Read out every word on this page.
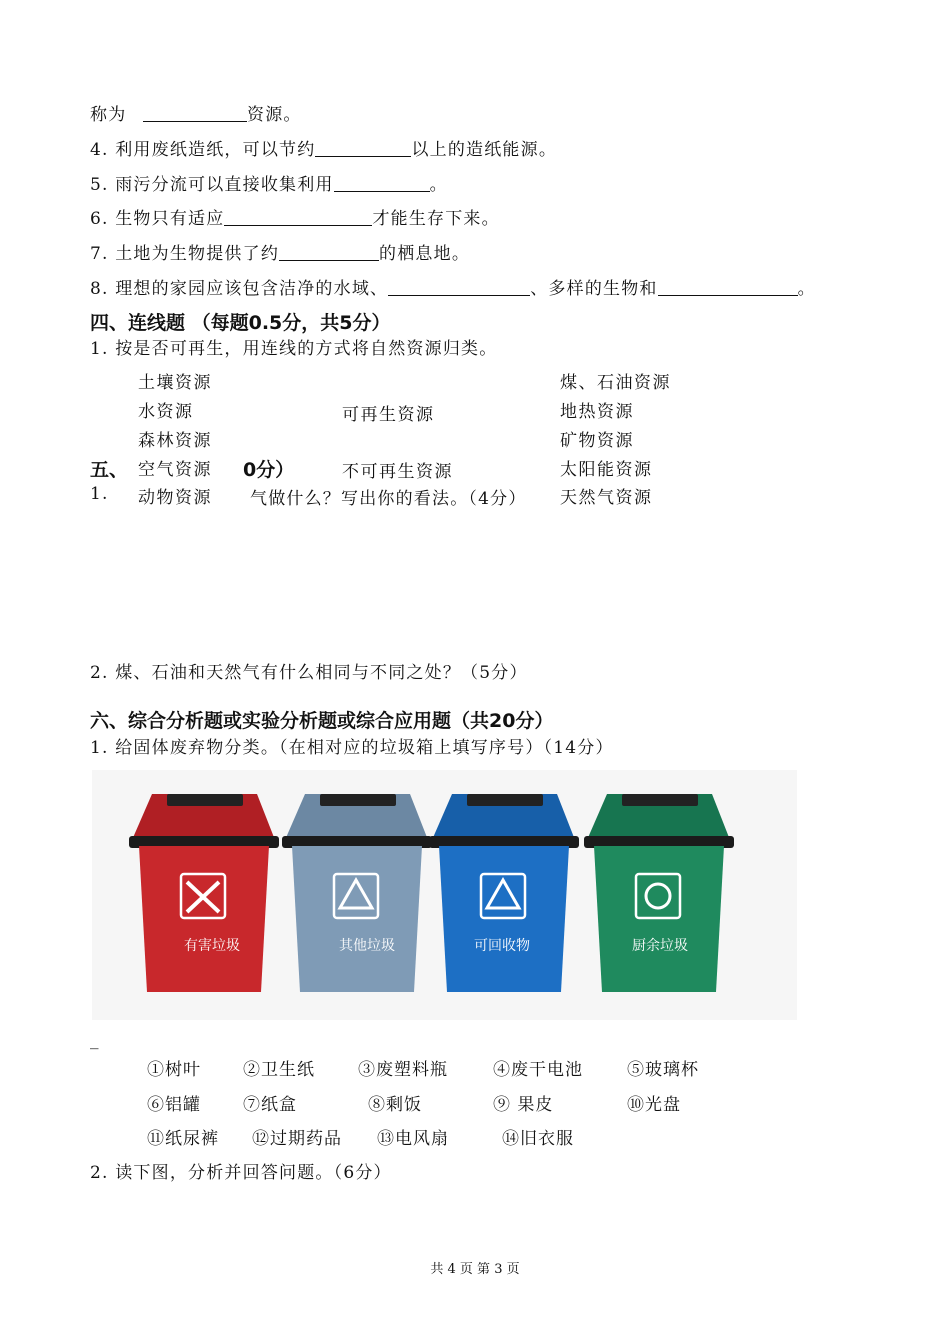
称为	资源。
4. 利用废纸造纸，可以节约	以上的造纸能源。
5. 雨污分流可以直接收集利用	。
6. 生物只有适应	才能生存下来。
7. 土地为生物提供了约	的栖息地。
8. 理想的家园应该包含洁净的水域、	、多样的生物和	。
四、连线题 （每题0.5分，共5分）
1. 按是否可再生，用连线的方式将自然资源归类。
五、	0分）
1.	气做什么？写出你的看法。（4分）
土壤资源
水资源
森林资源
空气资源
动物资源
可再生资源
不可再生资源
煤、石油资源
地热资源
矿物资源
太阳能资源
天然气资源
2. 煤、石油和天然气有什么相同与不同之处？（5分）
六、综合分析题或实验分析题或综合应用题（共20分）
1. 给固体废弃物分类。（在相对应的垃圾箱上填写序号）（14分）
有害垃圾	其他垃圾	可回收物	厨余垃圾
_
①树叶 ②卫生纸	③废塑料瓶	④废干电池	⑤玻璃杯
⑥铝罐 ⑦纸盒	⑧剩饭	⑨ 果皮	⑩光盘
⑪纸尿裤 ⑫过期药品 ⑬电风扇	⑭旧衣服
2. 读下图，分析并回答问题。（6分）
共 4 页 第 3 页
